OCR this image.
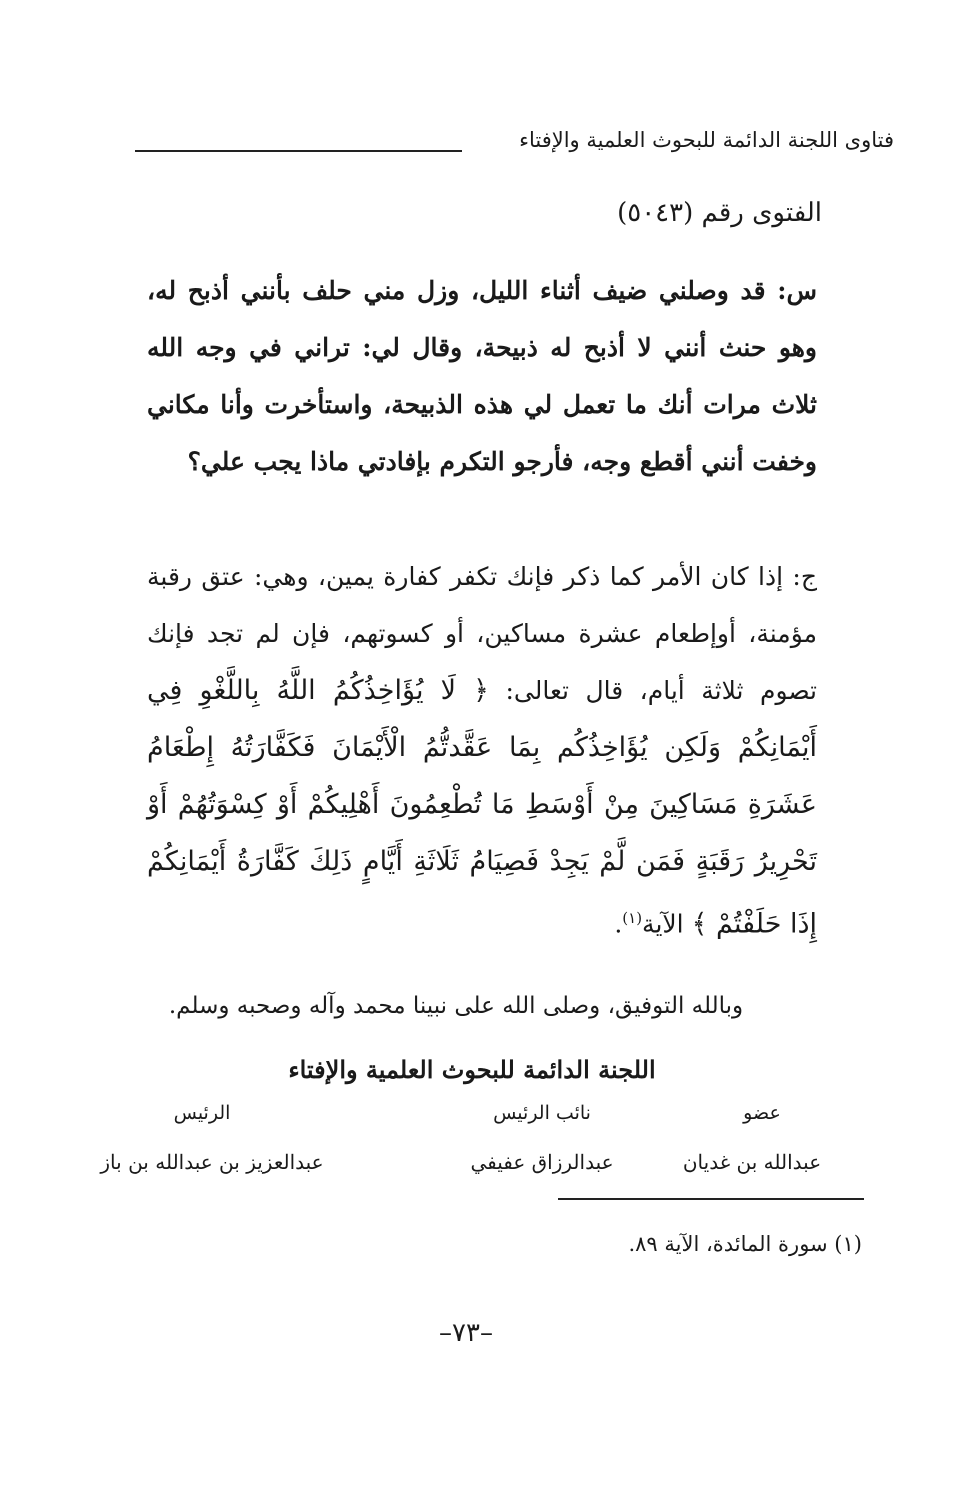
فتاوى اللجنة الدائمة للبحوث العلمية والإفتاء
الفتوى رقم (٥٠٤٣)
س: قد وصلني ضيف أثناء الليل، وزل مني حلف بأنني أذبح له، وهو حنث أنني لا أذبح له ذبيحة، وقال لي: تراني في وجه الله ثلاث مرات أنك ما تعمل لي هذه الذبيحة، واستأخرت وأنا مكاني وخفت أنني أقطع وجه، فأرجو التكرم بإفادتي ماذا يجب علي؟
ج: إذا كان الأمر كما ذكر فإنك تكفر كفارة يمين، وهي: عتق رقبة مؤمنة، أوإطعام عشرة مساكين، أو كسوتهم، فإن لم تجد فإنك تصوم ثلاثة أيام، قال تعالى: ﴿ لَا يُؤَاخِذُكُمُ اللَّهُ بِاللَّغْوِ فِي أَيْمَانِكُمْ وَلَكِن يُؤَاخِذُكُم بِمَا عَقَّدتُّمُ الْأَيْمَانَ فَكَفَّارَتُهُ إِطْعَامُ عَشَرَةِ مَسَاكِينَ مِنْ أَوْسَطِ مَا تُطْعِمُونَ أَهْلِيكُمْ أَوْ كِسْوَتُهُمْ أَوْ تَحْرِيرُ رَقَبَةٍ فَمَن لَّمْ يَجِدْ فَصِيَامُ ثَلَاثَةِ أَيَّامٍ ذَلِكَ كَفَّارَةُ أَيْمَانِكُمْ إِذَا حَلَفْتُمْ ﴾ الآية$^{(١)}$.
وبالله التوفيق، وصلى الله على نبينا محمد وآله وصحبه وسلم.
اللجنة الدائمة للبحوث العلمية والإفتاء
عضو
نائب الرئيس
الرئيس
عبدالله بن غديان
عبدالرزاق عفيفي
عبدالعزيز بن عبدالله بن باز
(١) سورة المائدة، الآية ٨٩.
–٧٣–
